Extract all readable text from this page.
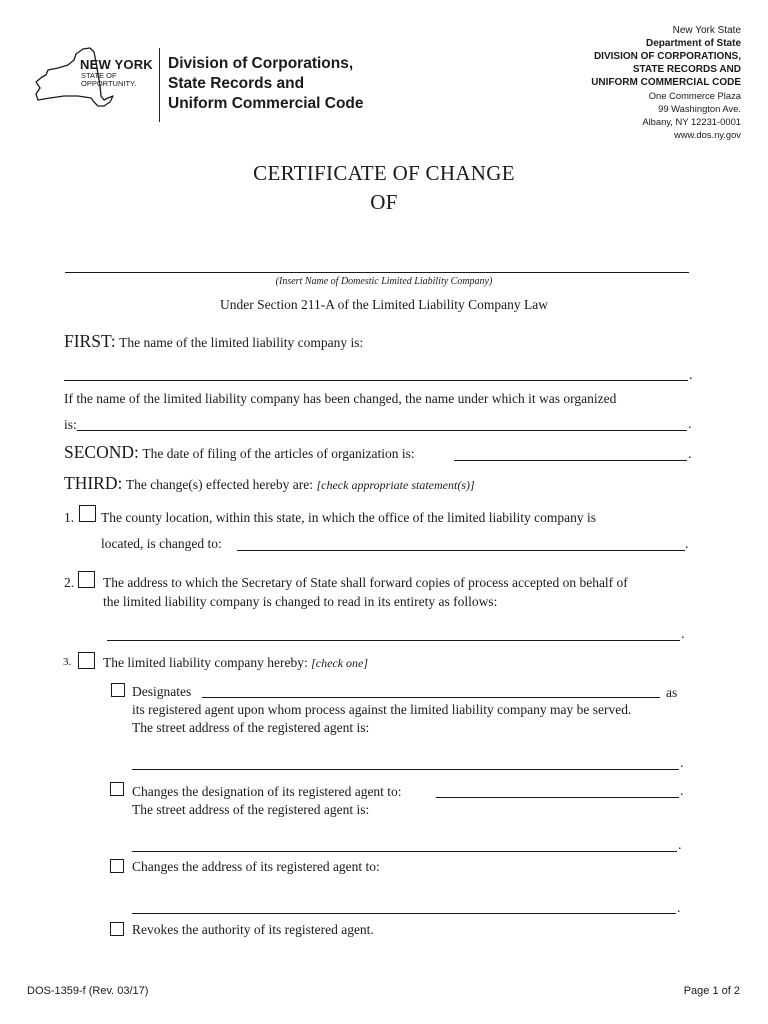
NEW YORK
STATE OF
OPPORTUNITY.
Division of Corporations,
State Records and
Uniform Commercial Code
New York State
Department of State
DIVISION OF CORPORATIONS,
STATE RECORDS AND
UNIFORM COMMERCIAL CODE
One Commerce Plaza
99 Washington Ave.
Albany, NY 12231-0001
www.dos.ny.gov
CERTIFICATE OF CHANGE
OF
(Insert Name of Domestic Limited Liability Company)
Under Section 211-A of the Limited Liability Company Law
FIRST: The name of the limited liability company is:
.
If the name of the limited liability company has been changed, the name under which it was organized
is:	.
SECOND: The date of filing of the articles of organization is:	.
THIRD: The change(s) effected hereby are: [check appropriate statement(s)]
1. The county location, within this state, in which the office of the limited liability company is
located, is changed to:	.
2. The address to which the Secretary of State shall forward copies of process accepted on behalf of
the limited liability company is changed to read in its entirety as follows:
.
3. The limited liability company hereby: [check one]
Designates	as
its registered agent upon whom process against the limited liability company may be served.
The street address of the registered agent is:
.
Changes the designation of its registered agent to:	.
The street address of the registered agent is:
.
Changes the address of its registered agent to:
.
Revokes the authority of its registered agent.
DOS-1359-f (Rev. 03/17)	Page 1 of 2
